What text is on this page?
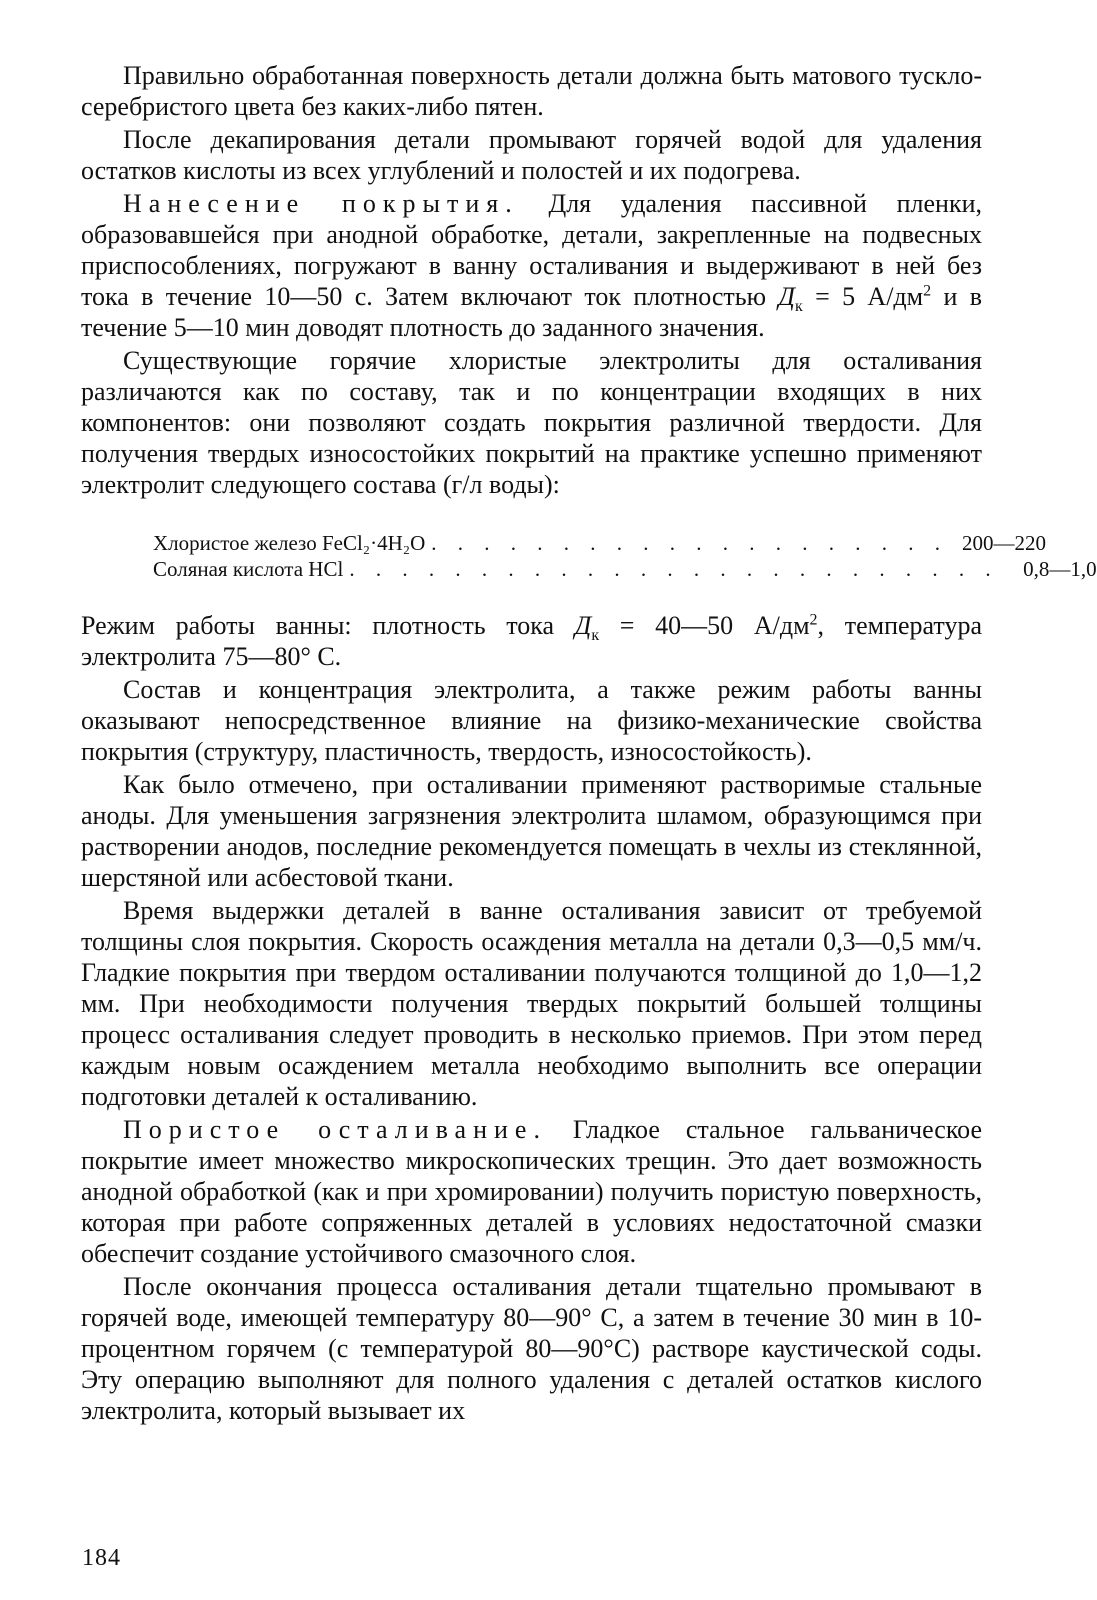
Правильно обработанная поверхность детали должна быть матового тускло-серебристого цвета без каких-либо пятен.

После декапирования детали промывают горячей водой для удаления остатков кислоты из всех углублений и полостей и их подогрева.

Нанесение покрытия. Для удаления пассивной пленки, образовавшейся при анодной обработке, детали, закрепленные на подвесных приспособлениях, погружают в ванну осталивания и выдерживают в ней без тока в течение 10—50 с. Затем включают ток плотностью $Д_к = 5$ $А/дм^2$ и в течение 5—10 мин доводят плотность до заданного значения.

Существующие горячие хлористые электролиты для осталивания различаются как по составу, так и по концентрации входящих в них компонентов: они позволяют создать покрытия различной твердости. Для получения твердых износостойких покрытий на практике успешно применяют электролит следующего состава (г/л воды):

Хлористое железо FeCl₂·4H₂O . . . . . . . . . . . . . . . . . . . . 200—220
Соляная кислота HCl . . . . . . . . . . . . . . . . . . . . . . . . .	0,8—1,0

Режим работы ванны: плотность тока $Д_к$ = 40—50 $А/дм^2$, температура электролита 75—80° С.

Состав и концентрация электролита, а также режим работы ванны оказывают непосредственное влияние на физико-механические свойства покрытия (структуру, пластичность, твердость, износостойкость).

Как было отмечено, при осталивании применяют растворимые стальные аноды. Для уменьшения загрязнения электролита шламом, образующимся при растворении анодов, последние рекомендуется помещать в чехлы из стеклянной, шерстяной или асбестовой ткани.

Время выдержки деталей в ванне осталивания зависит от требуемой толщины слоя покрытия. Скорость осаждения металла на детали 0,3—0,5 мм/ч. Гладкие покрытия при твердом осталивании получаются толщиной до 1,0—1,2 мм. При необходимости получения твердых покрытий большей толщины процесс осталивания следует проводить в несколько приемов. При этом перед каждым новым осаждением металла необходимо выполнить все операции подготовки деталей к осталиванию.

Пористое осталивание. Гладкое стальное гальваническое покрытие имеет множество микроскопических трещин. Это дает возможность анодной обработкой (как и при хромировании) получить пористую поверхность, которая при работе сопряженных деталей в условиях недостаточной смазки обеспечит создание устойчивого смазочного слоя.

После окончания процесса осталивания детали тщательно промывают в горячей воде, имеющей температуру 80—90° С, а затем в течение 30 мин в 10-процентном горячем (с температурой 80—90°С) растворе каустической соды. Эту операцию выполняют для полного удаления с деталей остатков кислого электролита, который вызывает их

184
